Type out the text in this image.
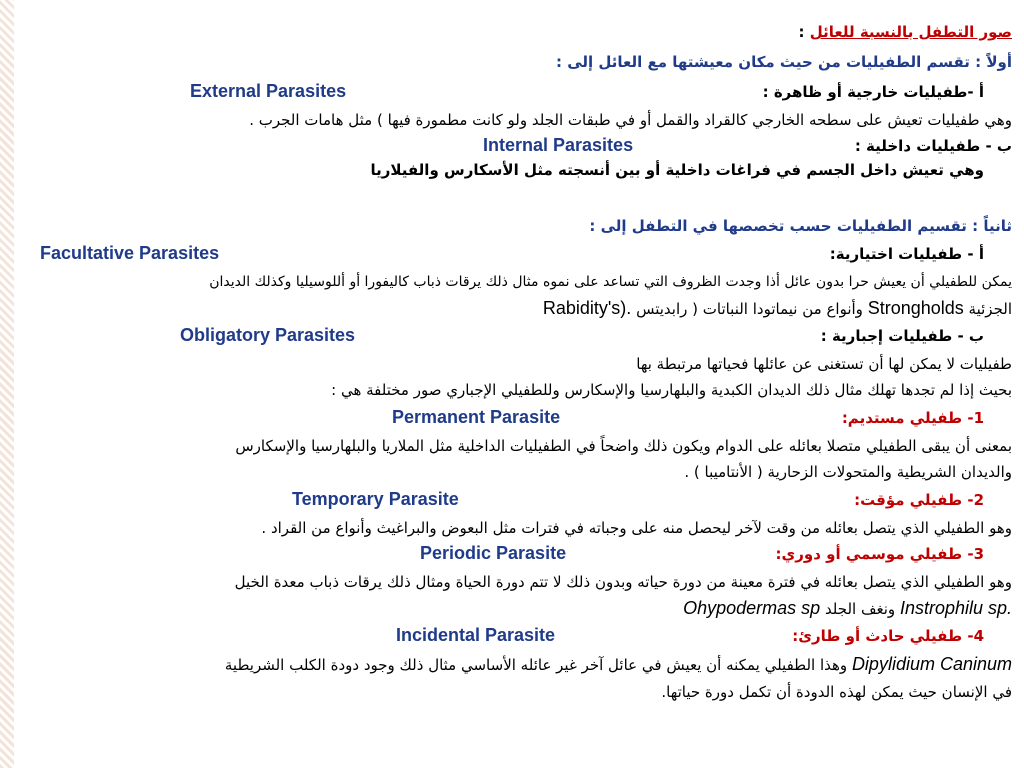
صور التطفل بالنسبة للعائل :
أولاً : تقسم الطفيليات من حيث مكان معيشتها مع العائل إلى :
أ -طفيليات خارجية أو ظاهرة :
External Parasites
وهي طفيليات تعيش على سطحه الخارجي كالقراد والقمل أو في طبقات الجلد ولو كانت مطمورة فيها ) مثل هامات الجرب .
ب - طفيليات داخلية :
Internal Parasites
وهي تعيش داخل الجسم في فراغات داخلية أو بين أنسجته مثل الأسكارس والفيلاريا
ثانياً : تقسيم الطفيليات حسب تخصصها في التطفل إلى :
أ - طفيليات اختيارية:
Facultative Parasites
يمكن للطفيلي أن يعيش حرا بدون عائل أذا وجدت الظروف التي تساعد على نموه مثال ذلك يرقات ذباب كاليفورا أو أللوسيليا وكذلك الديدان
الجزئية Strongholds وأنواع من نيماتودا النباتات ( رابديتس Rabidity's).
ب - طفيليات إجبارية :
Obligatory Parasites
طفيليات لا يمكن لها أن تستغنى عن عائلها فحياتها مرتبطة بها
بحيث إذا لم تجدها تهلك مثال ذلك الديدان الكبدية والبلهارسيا والإسكارس وللطفيلي الإجباري صور مختلفة هي :
1- طفيلي مستديم:
Permanent Parasite
بمعنى أن يبقى الطفيلي متصلا بعائله على الدوام ويكون ذلك واضحاً في الطفيليات الداخلية مثل الملاريا والبلهارسيا والإسكارس
والديدان الشريطية والمتحولات الزحارية ( الأنتاميبا ) .
2- طفيلي مؤقت:
Temporary Parasite
وهو الطفيلي الذي يتصل بعائله من وقت لآخر ليحصل منه على وجباته في فترات مثل البعوض والبراغيث وأنواع من القراد .
3- طفيلي موسمي أو دوري:
Periodic Parasite
وهو الطفيلي الذي يتصل بعائله في فترة معينة من دورة حياته وبدون ذلك لا تتم دورة الحياة ومثال ذلك يرقات ذباب معدة الخيل
Instrophilu sp. ونغف الجلد Ohypodermas sp
4- طفيلي حادث أو طارئ:
Incidental Parasite
Dipylidium Caninum وهذا الطفيلي يمكنه أن يعيش في عائل آخر غير عائله الأساسي مثال ذلك وجود دودة الكلب الشريطية
في الإنسان حيث يمكن لهذه الدودة أن تكمل دورة حياتها.
